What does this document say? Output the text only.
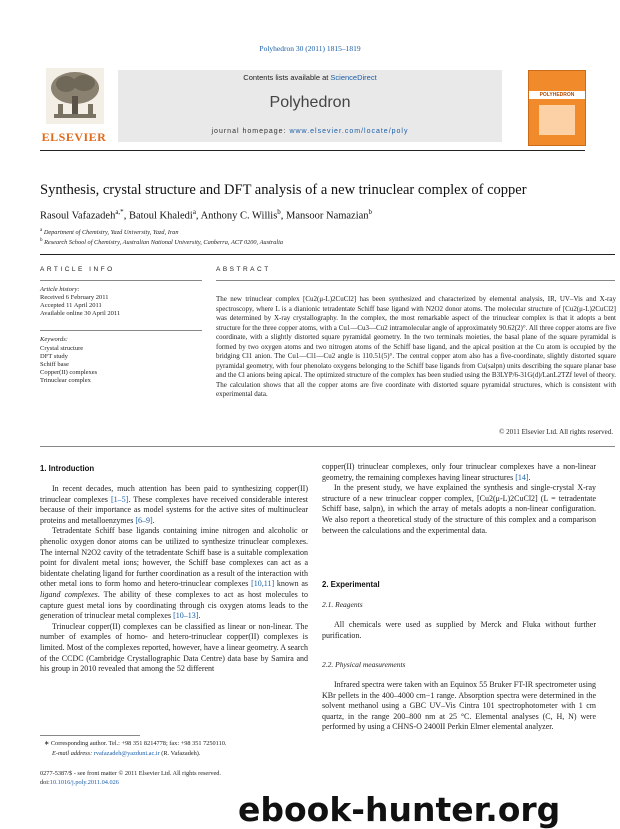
Polyhedron 30 (2011) 1815–1819
ELSEVIER
Contents lists available at ScienceDirect
Polyhedron
journal homepage: www.elsevier.com/locate/poly
POLYHEDRON
Synthesis, crystal structure and DFT analysis of a new trinuclear complex of copper
Rasoul Vafazadeh$^{a,*}$, Batoul Khaledi$^a$, Anthony C. Willis$^b$, Mansoor Namazian$^b$
$^a$ Department of Chemistry, Yazd University, Yazd, Iran
$^b$ Research School of Chemistry, Australian National University, Canberra, ACT 0200, Australia
ARTICLE INFO
Article history:
Received 6 February 2011
Accepted 11 April 2011
Available online 30 April 2011
Keywords:
Crystal structure
DFT study
Schiff base
Copper(II) complexes
Trinuclear complex
ABSTRACT
The new trinuclear complex [Cu2(μ-L)2CuCl2] has been synthesized and characterized by elemental analysis, IR, UV–Vis and X-ray spectroscopy, where L is a dianionic tetradentate Schiff base ligand with N2O2 donor atoms. The molecular structure of [Cu2(μ-L)2CuCl2] was determined by X-ray crystallography. In the complex, the most remarkable aspect of the trinuclear complex is that it adopts a bent structure for the three copper atoms, with a Cu1—Cu3—Cu2 intramolecular angle of approximately 90.62(2)°. All three copper atoms are five coordinate, with a slightly distorted square pyramidal geometry. In the two terminals moieties, the basal plane of the square pyramidal is formed by two oxygen atoms and two nitrogen atoms of the Schiff base ligand, and the apical position at the Cu atom is occupied by the bridging Cl1 anion. The Cu1—Cl1—Cu2 angle is 110.51(5)°. The central copper atom also has a five-coordinate, slightly distorted square pyramidal geometry, with four phenolato oxygens belonging to the Schiff base ligands from Cu(salpn) units describing the square planar base and the Cl anions being apical. The optimized structure of the complex has been studied using the B3LYP/6-31G(d)/LanL2TZf level of theory. The calculation shows that all the copper atoms are five coordinate with distorted square pyramidal structures, which is consistent with experimental data.
© 2011 Elsevier Ltd. All rights reserved.
1. Introduction

In recent decades, much attention has been paid to synthesizing copper(II) trinuclear complexes [1–5]. These complexes have received considerable interest because of their importance as model systems for the active sites of multinuclear proteins and metalloenzymes [6–9].

Tetradentate Schiff base ligands containing imine nitrogen and alcoholic or phenolic oxygen donor atoms can be utilized to synthesize trinuclear complexes. The internal N2O2 cavity of the tetradentate Schiff base is a suitable complexation point for divalent metal ions; however, the Schiff base complexes can act as a bidentate chelating ligand for further coordination as a result of the interaction with other metal ions to form homo and hetero-trinuclear complexes [10,11] known as ligand complexes. The ability of these complexes to act as host molecules to capture guest metal ions by coordinating through cis oxygen atoms leads to the generation of trinuclear metal complexes [10–13].

Trinuclear copper(II) complexes can be classified as linear or non-linear. The number of examples of homo- and hetero-trinuclear copper(II) complexes is limited. Most of the complexes reported, however, have a linear geometry. A search of the CCDC (Cambridge Crystallographic Data Centre) data base by Samira and his group in 2010 revealed that among the 52 different

copper(II) trinuclear complexes, only four trinuclear complexes have a non-linear geometry, the remaining complexes having linear structures [14].

In the present study, we have explained the synthesis and single-crystal X-ray structure of a new trinuclear copper complex, [Cu2(μ-L)2CuCl2] (L = tetradentate Schiff base, salpn), in which the array of metals adopts a non-linear configuration. We also report a theoretical study of the structure of this complex and a comparison between the calculations and the experimental data.

2. Experimental
2.1. Reagents

All chemicals were used as supplied by Merck and Fluka without further purification.

2.2. Physical measurements

Infrared spectra were taken with an Equinox 55 Bruker FT-IR spectrometer using KBr pellets in the 400–4000 cm−1 range. Absorption spectra were determined in the solvent methanol using a GBC UV–Vis Cintra 101 spectrophotometer with 1 cm quartz, in the range 200–800 nm at 25 °C. Elemental analyses (C, H, N) were performed by using a CHNS-O 2400II Perkin Elmer elemental analyzer.

∗ Corresponding author. Tel.: +98 351 8214778; fax: +98 351 7250110.
E-mail address: rvafazadeh@yazduni.ac.ir (R. Vafazadeh).
0277-5387/$ - see front matter © 2011 Elsevier Ltd. All rights reserved.
doi:10.1016/j.poly.2011.04.026
ebook-hunter.org
